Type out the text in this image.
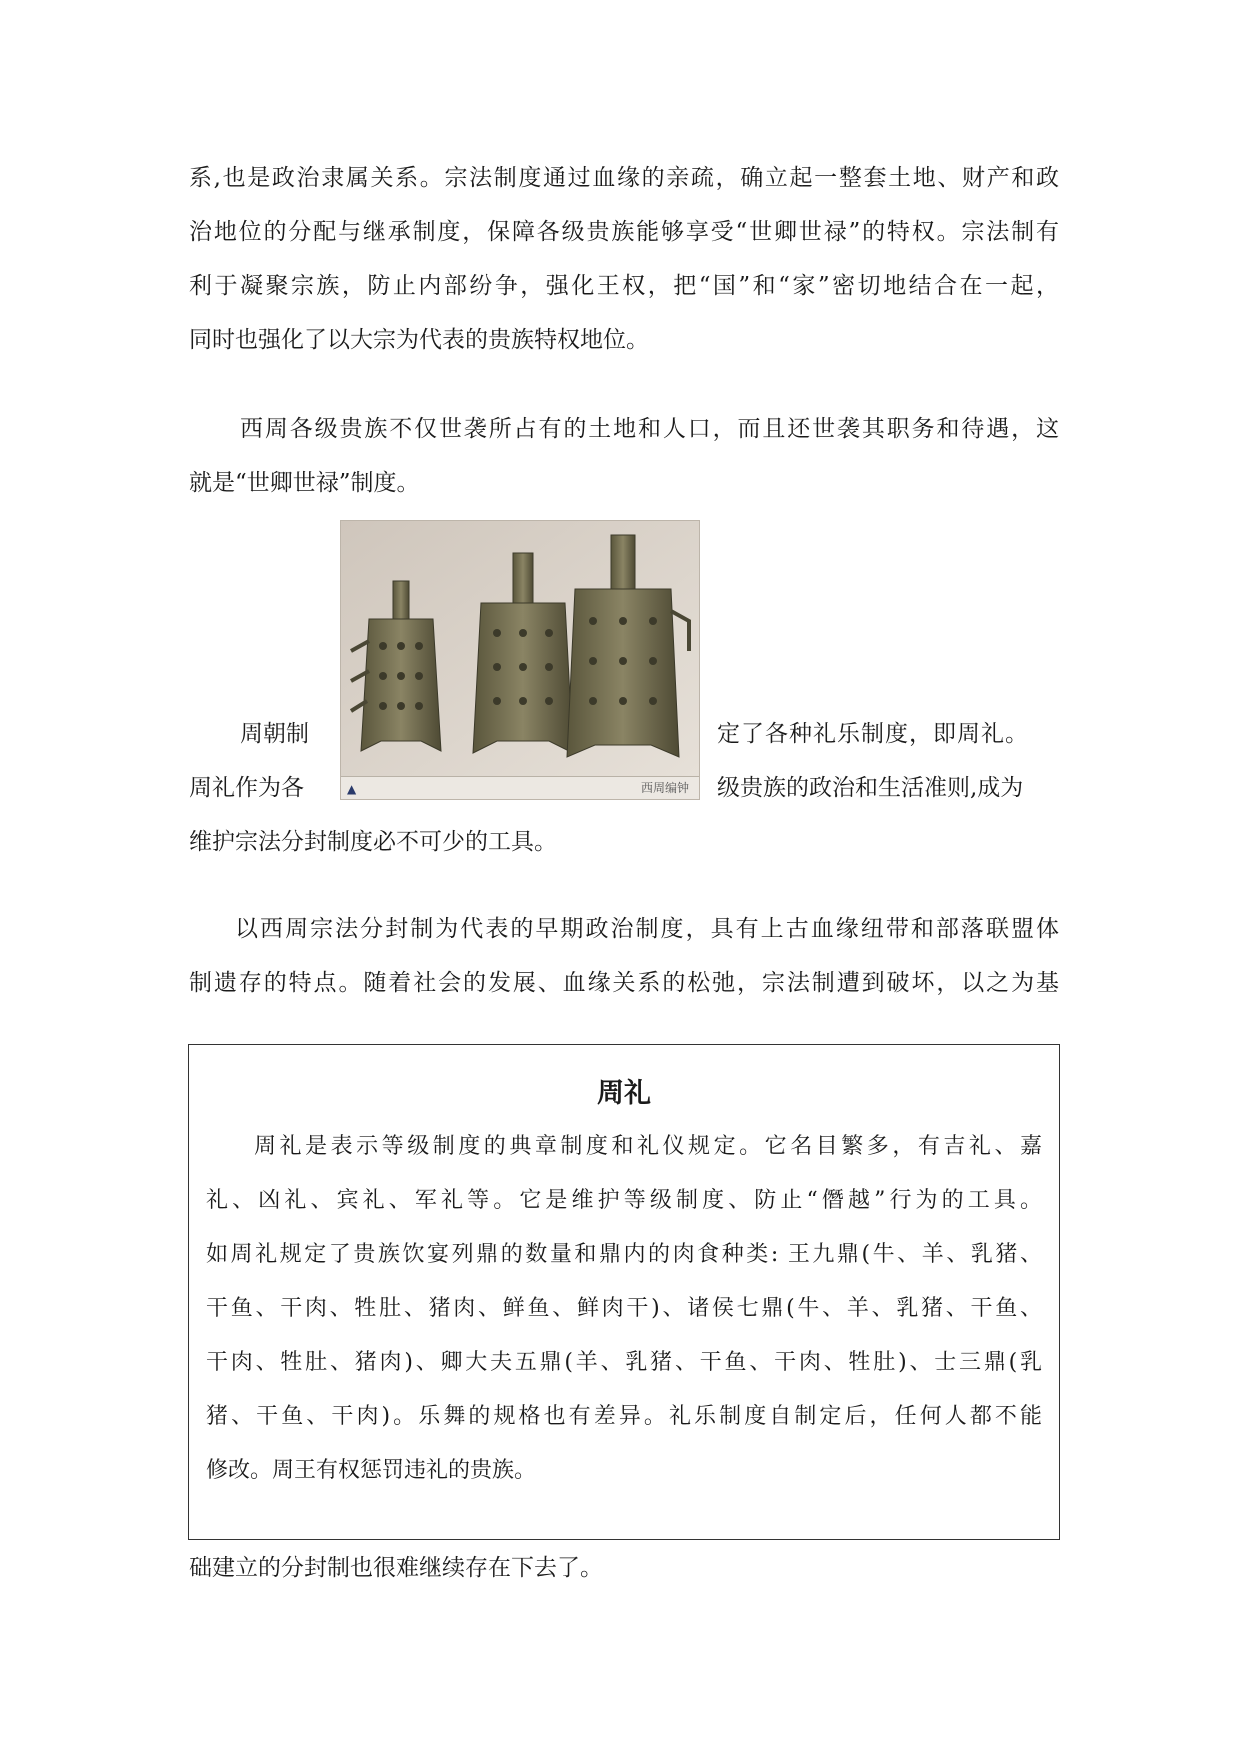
系,也是政治隶属关系。宗法制度通过血缘的亲疏，确立起一整套土地、财产和政
治地位的分配与继承制度，保障各级贵族能够享受“世卿世禄”的特权。宗法制有
利于凝聚宗族，防止内部纷争，强化王权，把“国”和“家”密切地结合在一起，
同时也强化了以大宗为代表的贵族特权地位。
西周各级贵族不仅世袭所占有的土地和人口，而且还世袭其职务和待遇，这
就是“世卿世禄”制度。
▲	西周编钟
周朝制	定了各种礼乐制度，即周礼。
周礼作为各	级贵族的政治和生活准则,成为
维护宗法分封制度必不可少的工具。
以西周宗法分封制为代表的早期政治制度，具有上古血缘纽带和部落联盟体
制遗存的特点。随着社会的发展、血缘关系的松弛，宗法制遭到破坏，以之为基
周礼
周礼是表示等级制度的典章制度和礼仪规定。它名目繁多，有吉礼、嘉
礼、凶礼、宾礼、军礼等。它是维护等级制度、防止“僭越”行为的工具。
如周礼规定了贵族饮宴列鼎的数量和鼎内的肉食种类: 王九鼎(牛、羊、乳猪、
干鱼、干肉、牲肚、猪肉、鲜鱼、鲜肉干)、诸侯七鼎(牛、羊、乳猪、干鱼、
干肉、牲肚、猪肉)、卿大夫五鼎(羊、乳猪、干鱼、干肉、牲肚)、士三鼎(乳
猪、干鱼、干肉)。乐舞的规格也有差异。礼乐制度自制定后，任何人都不能
修改。周王有权惩罚违礼的贵族。
础建立的分封制也很难继续存在下去了。
